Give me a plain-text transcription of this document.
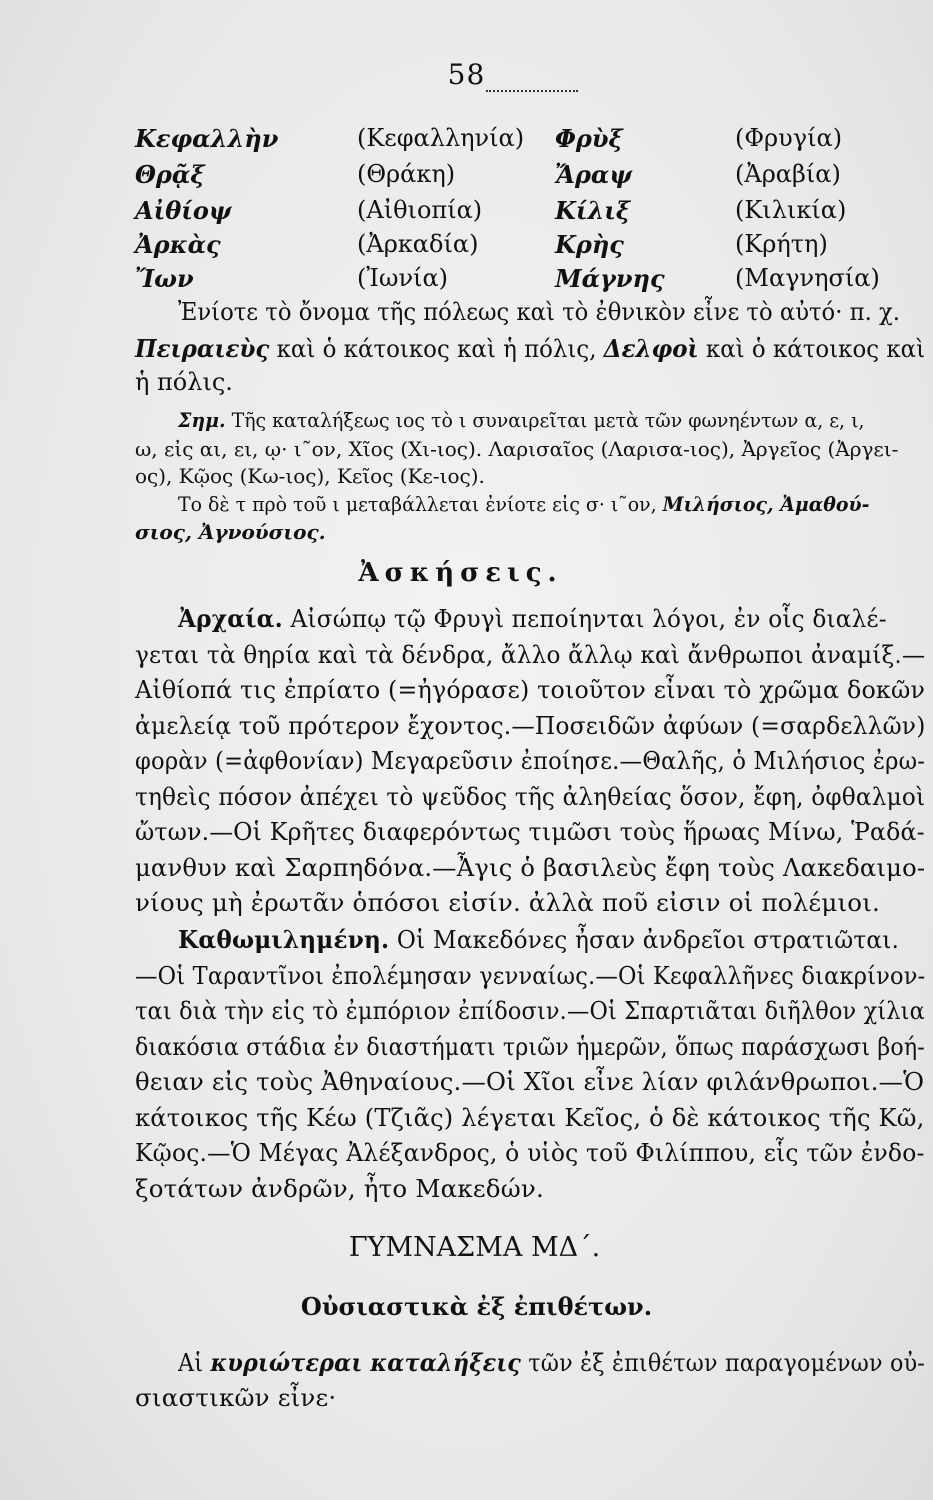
58
Κεφαλλὴν	(Κεφαλληνία) Φρὺξ	(Φρυγία)
Θρᾷξ	(Θράκη)	Ἄραψ	(Ἀραβία)
Αἰθίοψ	(Αἰθιοπία)	Κίλιξ	(Κιλικία)
Ἀρκὰς	(Ἀρκαδία)	Κρὴς	(Κρήτη)
Ἴων	(Ἰωνία)	Μάγνης	(Μαγνησία)
Ἐνίοτε τὸ ὄνομα τῆς πόλεως καὶ τὸ ἐθνικὸν εἶνε τὸ αὐτό· π. χ.
Πειραιεὺς καὶ ὁ κάτοικος καὶ ἡ πόλις, Δελφοὶ καὶ ὁ κάτοικος καὶ
ἡ πόλις.
Σημ. Τῆς καταλήξεως ιος τὸ ι συναιρεῖται μετὰ τῶν φωνηέντων α, ε, ι,
ω, εἰς αι, ει, ῳ· ι῀ον, Χῖος (Χι-ιος). Λαρισαῖος (Λαρισα-ιος), Ἀργεῖος (Ἀργει-
ος), Κῷος (Κω-ιος), Κεῖος (Κε-ιος).
Το δὲ τ πρὸ τοῦ ι μεταβάλλεται ἐνίοτε εἰς σ· ι῀ον, Μιλήσιος, Ἀμαθού-
σιος, Ἀγνούσιος.
Ἀσκήσεις.
Ἀρχαία. Αἰσώπῳ τῷ Φρυγὶ πεποίηνται λόγοι, ἐν οἷς διαλέ-
γεται τὰ θηρία καὶ τὰ δένδρα, ἄλλο ἄλλῳ καὶ ἄνθρωποι ἀναμίξ.—
Αἰθίοπά τις ἐπρίατο (=ἠγόρασε) τοιοῦτον εἶναι τὸ χρῶμα δοκῶν
ἀμελείᾳ τοῦ πρότερον ἔχοντος.—Ποσειδῶν ἀφύων (=σαρδελλῶν)
φορὰν (=ἀφθονίαν) Μεγαρεῦσιν ἐποίησε.—Θαλῆς, ὁ Μιλήσιος ἐρω-
τηθεὶς πόσον ἀπέχει τὸ ψεῦδος τῆς ἀληθείας ὅσον, ἔφη, ὀφθαλμοὶ
ὤτων.—Οἱ Κρῆτες διαφερόντως τιμῶσι τοὺς ἥρωας Μίνω, Ῥαδά-
μανθυν καὶ Σαρπηδόνα.—Ἆγις ὁ βασιλεὺς ἔφη τοὺς Λακεδαιμο-
νίους μὴ ἐρωτᾶν ὁπόσοι εἰσίν. ἀλλὰ ποῦ εἰσιν οἱ πολέμιοι.
Καθωμιλημένη. Οἱ Μακεδόνες ἦσαν ἀνδρεῖοι στρατιῶται.
—Οἱ Ταραντῖνοι ἐπολέμησαν γενναίως.—Οἱ Κεφαλλῆνες διακρίνον-
ται διὰ τὴν εἰς τὸ ἐμπόριον ἐπίδοσιν.—Οἱ Σπαρτιᾶται διῆλθον χίλια
διακόσια στάδια ἐν διαστήματι τριῶν ἡμερῶν, ὅπως παράσχωσι βοή-
θειαν εἰς τοὺς Ἀθηναίους.—Οἱ Χῖοι εἶνε λίαν φιλάνθρωποι.—Ὁ
κάτοικος τῆς Κέω (Τζιᾶς) λέγεται Κεῖος, ὁ δὲ κάτοικος τῆς Κῶ,
Κῷος.—Ὁ Μέγας Ἀλέξανδρος, ὁ υἱὸς τοῦ Φιλίππου, εἷς τῶν ἐνδο-
ξοτάτων ἀνδρῶν, ἦτο Μακεδών.
ΓΥΜΝΑΣΜΑ ΜΔ΄.
Οὐσιαστικὰ ἐξ ἐπιθέτων.
Αἱ κυριώτεραι καταλήξεις τῶν ἐξ ἐπιθέτων παραγομένων οὐ-
σιαστικῶν εἶνε·
